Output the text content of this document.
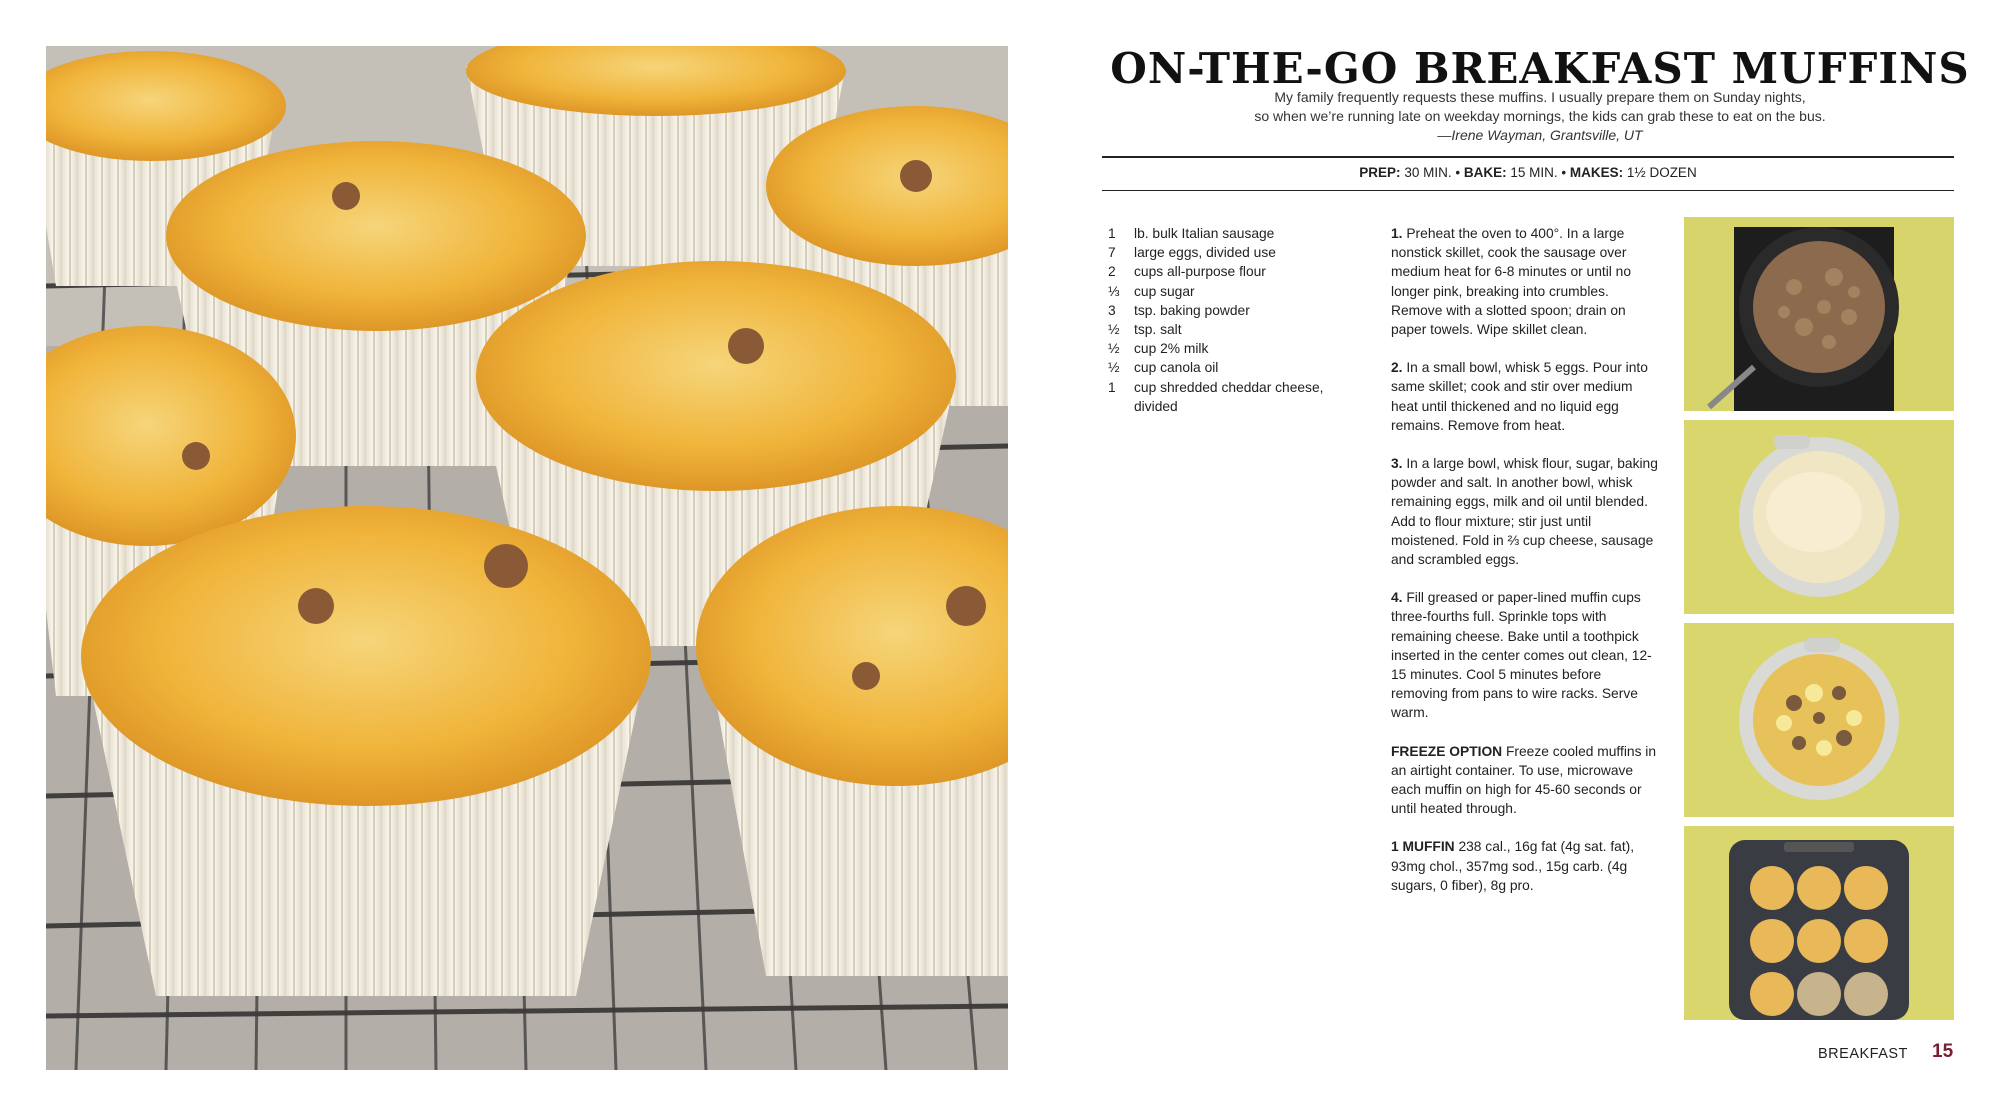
ON-THE-GO BREAKFAST MUFFINS
My family frequently requests these muffins. I usually prepare them on Sunday nights,
so when we’re running late on weekday mornings, the kids can grab these to eat on the bus.
—Irene Wayman, Grantsville, UT
PREP: 30 MIN. • BAKE: 15 MIN. • MAKES: 1½ DOZEN
1	lb. bulk Italian sausage
7	large eggs, divided use
2	cups all-purpose flour
⅓	cup sugar
3	tsp. baking powder
½	tsp. salt
½	cup 2% milk
½	cup canola oil
1	cup shredded cheddar cheese, divided

1. Preheat the oven to 400°. In a large nonstick skillet, cook the sausage over medium heat for 6-8 minutes or until no longer pink, breaking into crumbles. Remove with a slotted spoon; drain on paper towels. Wipe skillet clean.

2. In a small bowl, whisk 5 eggs. Pour into same skillet; cook and stir over medium heat until thickened and no liquid egg remains. Remove from heat.

3. In a large bowl, whisk flour, sugar, baking powder and salt. In another bowl, whisk remaining eggs, milk and oil until blended. Add to flour mixture; stir just until moistened. Fold in ⅔ cup cheese, sausage and scrambled eggs.

4. Fill greased or paper-lined muffin cups three-fourths full. Sprinkle tops with remaining cheese. Bake until a toothpick inserted in the center comes out clean, 12-15 minutes. Cool 5 minutes before removing from pans to wire racks. Serve warm.

FREEZE OPTION Freeze cooled muffins in an airtight container. To use, microwave each muffin on high for 45-60 seconds or until heated through.

1 MUFFIN 238 cal., 16g fat (4g sat. fat), 93mg chol., 357mg sod., 15g carb. (4g sugars, 0 fiber), 8g pro.

BREAKFAST 15
